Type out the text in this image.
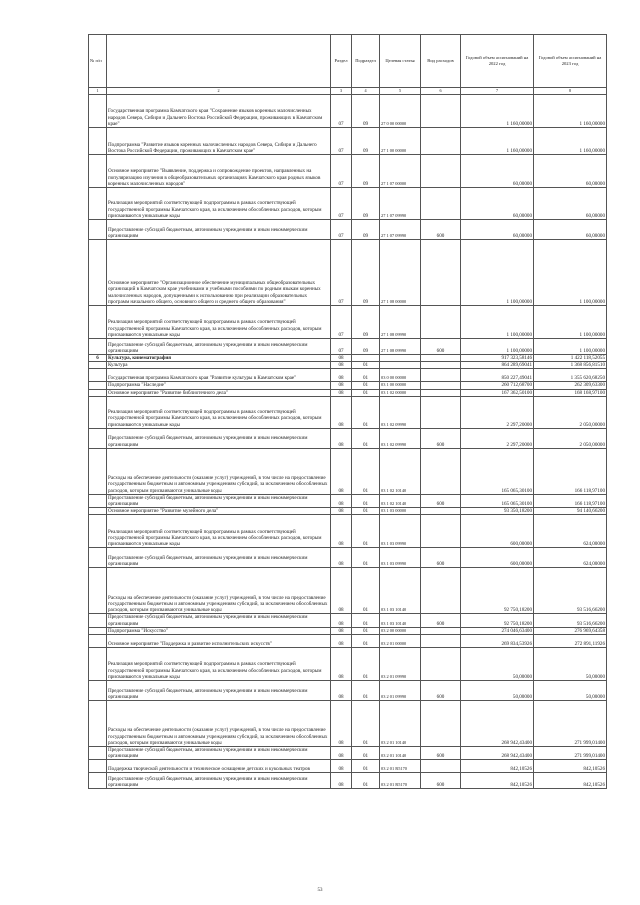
№ п/п	Наименование	Раздел	Подраздел	Целевая статья	Вид расходов	Годовой объем ассигнований на 2022 год	Годовой объем ассигнований на 2023 год
1	2	3	4	5	6	7	8
	Государственная программа Камчатского края "Сохранение языков коренных малочисленных народов Севера, Сибири и Дальнего Востока Российской Федерации, проживающих в Камчатском крае"	07	09	27 0 00 00000		1 160,00000	1 160,00000
	Подпрограмма "Развитие языков коренных малочисленных народов Севера, Сибири и Дальнего Востока Российской Федерации, проживающих в Камчатском крае"	07	09	27 1 00 00000		1 160,00000	1 160,00000
	Основное мероприятие "Выявление, поддержка и сопровождение проектов, направленных на популяризацию изучения в общеобразовательных организациях Камчатского края родных языков коренных малочисленных народов"	07	09	27 1 07 00000		60,00000	60,00000
	Реализация мероприятий соответствующей подпрограммы в рамках соответствующей государственной программы Камчатского края, за исключением обособленных расходов, которым присваиваются уникальные коды	07	09	27 1 07 09990		60,00000	60,00000
	Предоставление субсидий бюджетным, автономным учреждениям и иным некоммерческим организациям	07	09	27 1 07 09990	600	60,00000	60,00000
	Основное мероприятие "Организационное обеспечение муниципальных общеобразовательных организаций в Камчатском крае учебниками и учебными пособиями по родным языкам коренных малочисленных народов, допущенными к использованию при реализации образовательных программ начального общего, основного общего и среднего общего образования"	07	09	27 1 08 00000		1 100,00000	1 100,00000
	Реализация мероприятий соответствующей подпрограммы в рамках соответствующей государственной программы Камчатского края, за исключением обособленных расходов, которым присваиваются уникальные коды	07	09	27 1 08 09990		1 100,00000	1 100,00000
	Предоставление субсидий бюджетным, автономным учреждениям и иным некоммерческим организациям	07	09	27 1 08 09990	600	1 100,00000	1 100,00000
6	Культура, кинематография	08				917 323,58146	1 422 118,52055
	Культура	08	01			864 289,69041	1 368 856,81510
	Государственная программа Камчатского края "Развитие культуры в Камчатском крае"	08	01	03 0 00 00000		850 227,49041	1 355 620,68250
	Подпрограмма "Наследие"	08	01	03 1 00 00000		260 712,68700	262 309,63300
	Основное мероприятие "Развитие библиотечного дела"	08	01	03 1 02 00000		167 362,50100	168 168,97100
	Реализация мероприятий соответствующей подпрограммы в рамках соответствующей государственной программы Камчатского края, за исключением обособленных расходов, которым присваиваются уникальные коды	08	01	03 1 02 09990		2 297,20000	2 050,00000
	Предоставление субсидий бюджетным, автономным учреждениям и иным некоммерческим организациям	08	01	03 1 02 09990	600	2 297,20000	2 050,00000
	Расходы на обеспечение деятельности (оказание услуг) учреждений, в том числе на предоставление государственным бюджетным и автономным учреждениям субсидий, за исключением обособленных расходов, которым присваиваются уникальные коды	08	01	03 1 02 10140		165 065,30100	166 118,97100
	Предоставление субсидий бюджетным, автономным учреждениям и иным некоммерческим организациям	08	01	03 1 02 10140	600	165 065,30100	166 118,97100
	Основное мероприятие "Развитие музейного дела"	08	01	03 1 03 00000		93 350,18200	94 140,66200
	Реализация мероприятий соответствующей подпрограммы в рамках соответствующей государственной программы Камчатского края, за исключением обособленных расходов, которым присваиваются уникальные коды	08	01	03 1 03 09990		600,00000	624,00000
	Предоставление субсидий бюджетным, автономным учреждениям и иным некоммерческим организациям	08	01	03 1 03 09990	600	600,00000	624,00000
	Расходы на обеспечение деятельности (оказание услуг) учреждений, в том числе на предоставление государственным бюджетным и автономным учреждениям субсидий, за исключением обособленных расходов, которым присваиваются уникальные коды	08	01	03 1 03 10140		92 750,18200	93 516,66200
	Предоставление субсидий бюджетным, автономным учреждениям и иным некоммерческим организациям	08	01	03 1 03 10140	600	92 750,18200	93 516,66200
	Подпрограмма "Искусство"	08	01	03 2 00 00000		274 046,63400	276 969,64358
	Основное мероприятие "Поддержка и развитие исполнительских искусств"	08	01	03 2 01 00000		269 834,53926	272 891,11926
	Реализация мероприятий соответствующей подпрограммы в рамках соответствующей государственной программы Камчатского края, за исключением обособленных расходов, которым присваиваются уникальные коды	08	01	03 2 01 09990		50,00000	50,00000
	Предоставление субсидий бюджетным, автономным учреждениям и иным некоммерческим организациям	08	01	03 2 01 09990	600	50,00000	50,00000
	Расходы на обеспечение деятельности (оказание услуг) учреждений, в том числе на предоставление государственным бюджетным и автономным учреждениям субсидий, за исключением обособленных расходов, которым присваиваются уникальные коды	08	01	03 2 01 10140		268 942,43400	271 999,01400
	Предоставление субсидий бюджетным, автономным учреждениям и иным некоммерческим организациям	08	01	03 2 01 10140	600	268 942,43400	271 999,01400
	Поддержка творческой деятельности и техническое оснащение детских и кукольных театров	08	01	03 2 01 R5170		842,10526	842,10526
	Предоставление субсидий бюджетным, автономным учреждениям и иным некоммерческим организациям	08	01	03 2 01 R5170	600	842,10526	842,10526
53
